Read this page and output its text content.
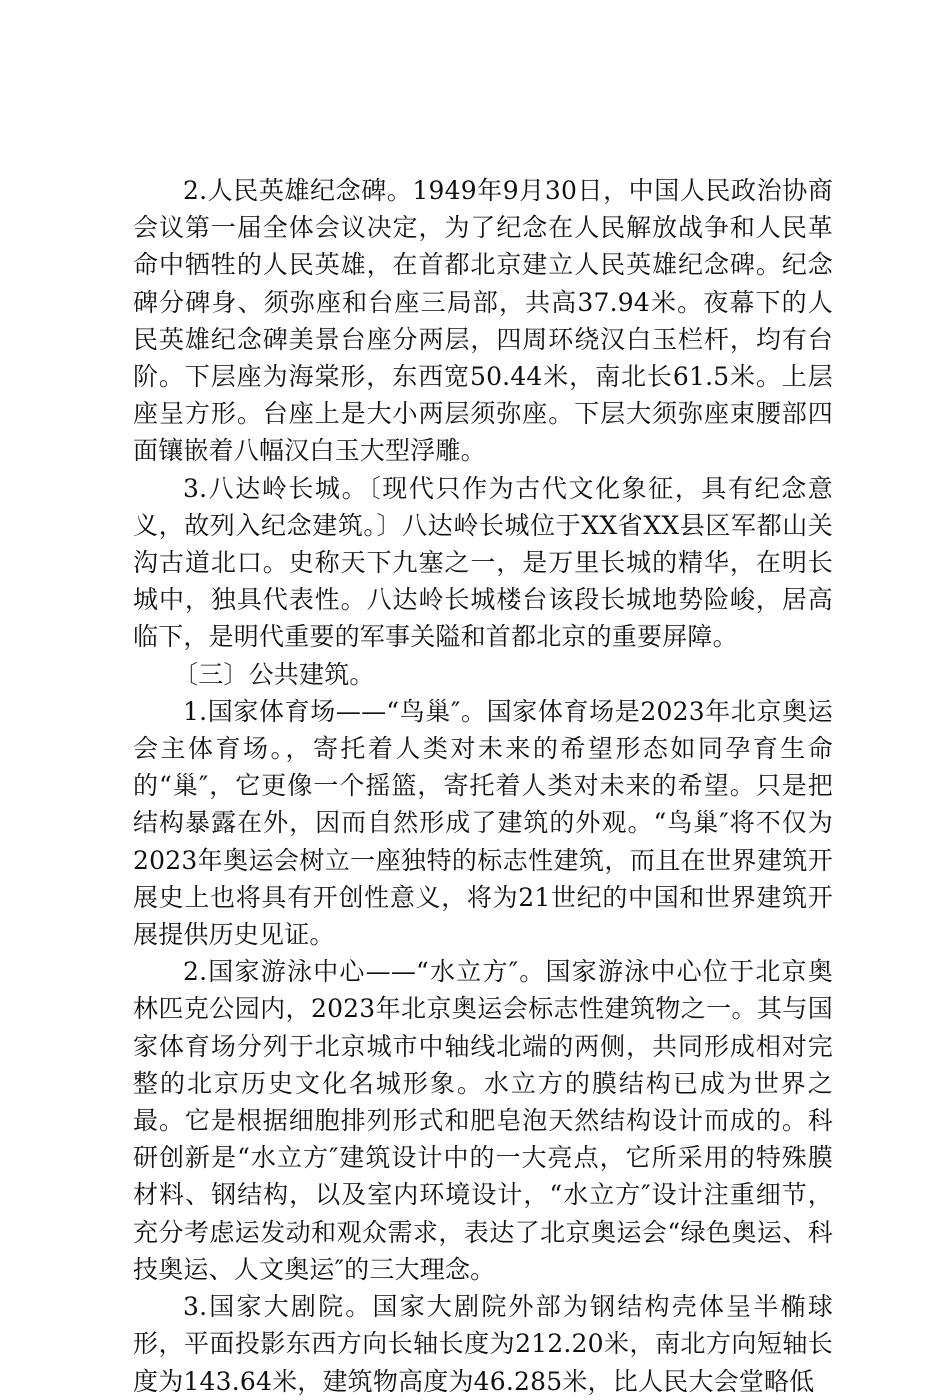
2.人民英雄纪念碑。1949年9月30日，中国人民政治协商会议第一届全体会议决定，为了纪念在人民解放战争和人民革命中牺牲的人民英雄，在首都北京建立人民英雄纪念碑。纪念碑分碑身、须弥座和台座三局部，共高37.94米。夜幕下的人民英雄纪念碑美景台座分两层，四周环绕汉白玉栏杆，均有台阶。下层座为海棠形，东西宽50.44米，南北长61.5米。上层座呈方形。台座上是大小两层须弥座。下层大须弥座束腰部四面镶嵌着八幅汉白玉大型浮雕。

3.八达岭长城。〔现代只作为古代文化象征，具有纪念意义，故列入纪念建筑。〕八达岭长城位于XX省XX县区军都山关沟古道北口。史称天下九塞之一，是万里长城的精华，在明长城中，独具代表性。八达岭长城楼台该段长城地势险峻，居高临下，是明代重要的军事关隘和首都北京的重要屏障。

〔三〕公共建筑。

1.国家体育场——“鸟巢″。国家体育场是2023年北京奥运会主体育场。，寄托着人类对未来的希望形态如同孕育生命的“巢″，它更像一个摇篮，寄托着人类对未来的希望。只是把结构暴露在外，因而自然形成了建筑的外观。“鸟巢″将不仅为2023年奥运会树立一座独特的标志性建筑，而且在世界建筑开展史上也将具有开创性意义，将为21世纪的中国和世界建筑开展提供历史见证。

2.国家游泳中心——“水立方″。国家游泳中心位于北京奥林匹克公园内，2023年北京奥运会标志性建筑物之一。其与国家体育场分列于北京城市中轴线北端的两侧，共同形成相对完整的北京历史文化名城形象。水立方的膜结构已成为世界之最。它是根据细胞排列形式和肥皂泡天然结构设计而成的。科研创新是“水立方″建筑设计中的一大亮点，它所采用的特殊膜材料、钢结构，以及室内环境设计，“水立方″设计注重细节，充分考虑运发动和观众需求，表达了北京奥运会“绿色奥运、科技奥运、人文奥运″的三大理念。

3.国家大剧院。国家大剧院外部为钢结构壳体呈半椭球形，平面投影东西方向长轴长度为212.20米，南北方向短轴长度为143.64米，建筑物高度为46.285米，比人民大会堂略低
